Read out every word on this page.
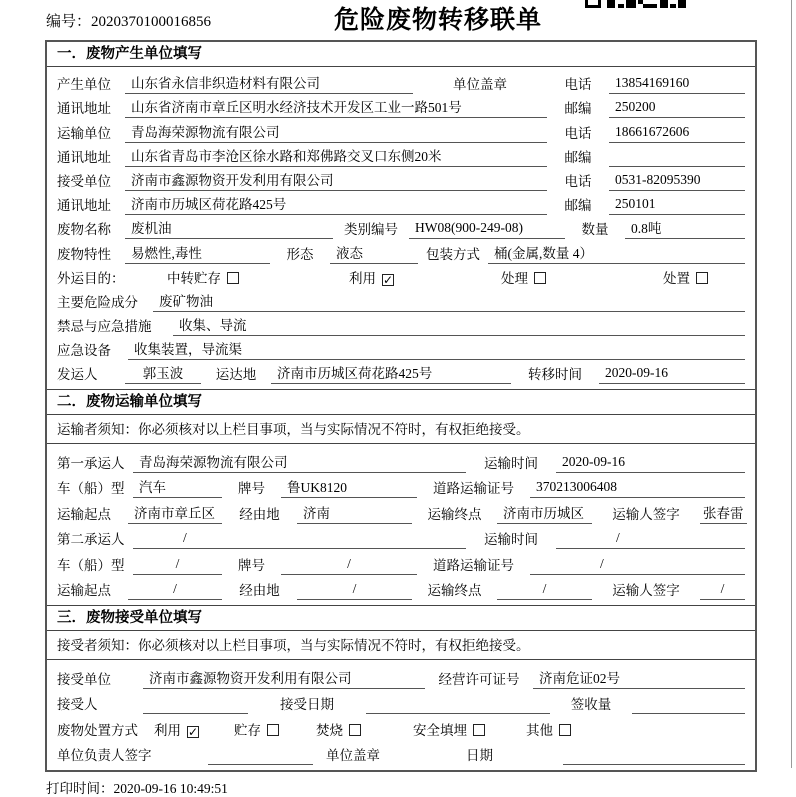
编号：2020370100016856	危险废物转移联单
一．废物产生单位填写
产生单位	山东省永信非织造材料有限公司	单位盖章	电话	13854169160
通讯地址	山东省济南市章丘区明水经济技术开发区工业一路501号	邮编	250200
运输单位	青岛海荣源物流有限公司	电话	18661672606
通讯地址	山东省青岛市李沧区徐水路和郑佛路交叉口东侧20米	邮编
接受单位	济南市鑫源物资开发利用有限公司	电话	0531-82095390
通讯地址	济南市历城区荷花路425号	邮编	250101
废物名称	废机油	类别编号	HW08(900-249-08)	数量	0.8吨
废物特性	易燃性,毒性	形态	液态	包装方式	桶(金属,数量 4）
外运目的：	中转贮存	利用 ✓	处理	处置
主要危险成分	废矿物油
禁忌与应急措施	收集、导流
应急设备	收集装置，导流渠
发运人	郭玉波	运达地	济南市历城区荷花路425号	转移时间	2020-09-16
二．废物运输单位填写
运输者须知：你必须核对以上栏目事项，当与实际情况不符时，有权拒绝接受。
第一承运人	青岛海荣源物流有限公司	运输时间	2020-09-16
车（船）型	汽车	牌号	鲁UK8120	道路运输证号	370213006408
运输起点	济南市章丘区	经由地	济南	运输终点	济南市历城区	运输人签字	张春雷
第二承运人	/	运输时间	/
车（船）型	/	牌号	/	道路运输证号	/
运输起点	/	经由地	/	运输终点	/	运输人签字	/
三．废物接受单位填写
接受者须知：你必须核对以上栏目事项，当与实际情况不符时，有权拒绝接受。
接受单位	济南市鑫源物资开发利用有限公司	经营许可证号	济南危证02号
接受人	接受日期	签收量
废物处置方式	利用 ✓	贮存	焚烧	安全填埋	其他
单位负责人签字	单位盖章	日期
打印时间：2020-09-16 10:49:51
